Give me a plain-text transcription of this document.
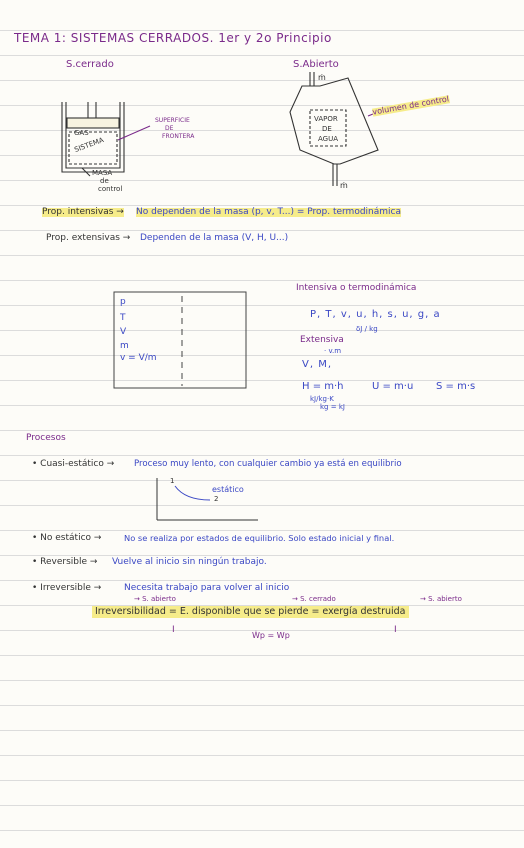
TEMA 1: SISTEMAS CERRADOS. 1er y 2o Principio
S.cerrado	S.Abierto
GAS
SISTEMA
SUPERFICIE
DE
FRONTERA
MASA
de
control
ṁ
ṁ
VAPOR
DE
AGUA
volumen de control
Prop. intensivas → No dependen de la masa (p, v, T...) = Prop. termodinámica
Prop. extensivas → Dependen de la masa (V, H, U...)
p
T
V
m
v = V/m
Intensiva o termodinámica
P, T, v, u, h, s, u, g, a
δJ / kg
Extensiva
· v.m
V, M,
H = m·h	U = m·u S = m·s
kJ/kg·K
kg = kJ
Procesos
• Cuasi-estático → Proceso muy lento, con cualquier cambio ya está en equilibrio
estático
1
2
• No estático →	No se realiza por estados de equilibrio. Solo estado inicial y final.
• Reversible → Vuelve al inicio sin ningún trabajo.
• Irreversible →	Necesita trabajo para volver al inicio
→ S. abierto	→ S. cerrado	→ S. abierto
Irreversibilidad = E. disponible que se pierde = exergía destruida
I
Ẇp = Wp
I
